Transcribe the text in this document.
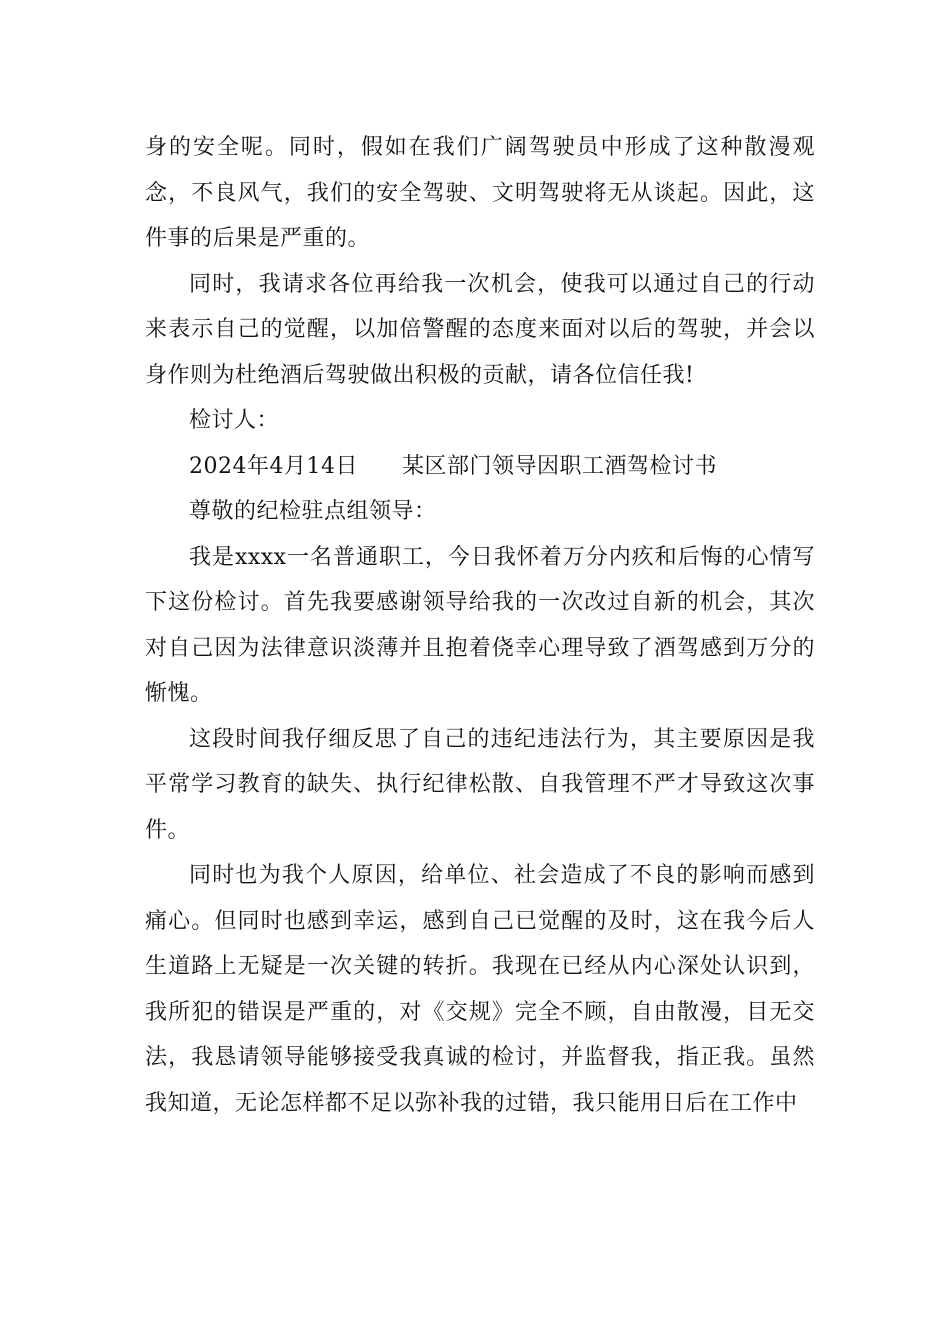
身的安全呢。同时，假如在我们广阔驾驶员中形成了这种散漫观念，不良风气，我们的安全驾驶、文明驾驶将无从谈起。因此，这件事的后果是严重的。

同时，我请求各位再给我一次机会，使我可以通过自己的行动来表示自己的觉醒，以加倍警醒的态度来面对以后的驾驶，并会以身作则为杜绝酒后驾驶做出积极的贡献，请各位信任我!

检讨人：

2024年4月14日 某区部门领导因职工酒驾检讨书

尊敬的纪检驻点组领导：

我是xxxx一名普通职工，今日我怀着万分内疚和后悔的心情写下这份检讨。首先我要感谢领导给我的一次改过自新的机会，其次对自己因为法律意识淡薄并且抱着侥幸心理导致了酒驾感到万分的惭愧。

这段时间我仔细反思了自己的违纪违法行为，其主要原因是我平常学习教育的缺失、执行纪律松散、自我管理不严才导致这次事件。

同时也为我个人原因，给单位、社会造成了不良的影响而感到痛心。但同时也感到幸运，感到自己已觉醒的及时，这在我今后人生道路上无疑是一次关键的转折。我现在已经从内心深处认识到，我所犯的错误是严重的，对《交规》完全不顾，自由散漫，目无交法，我恳请领导能够接受我真诚的检讨，并监督我，指正我。虽然我知道，无论怎样都不足以弥补我的过错，我只能用日后在工作中
